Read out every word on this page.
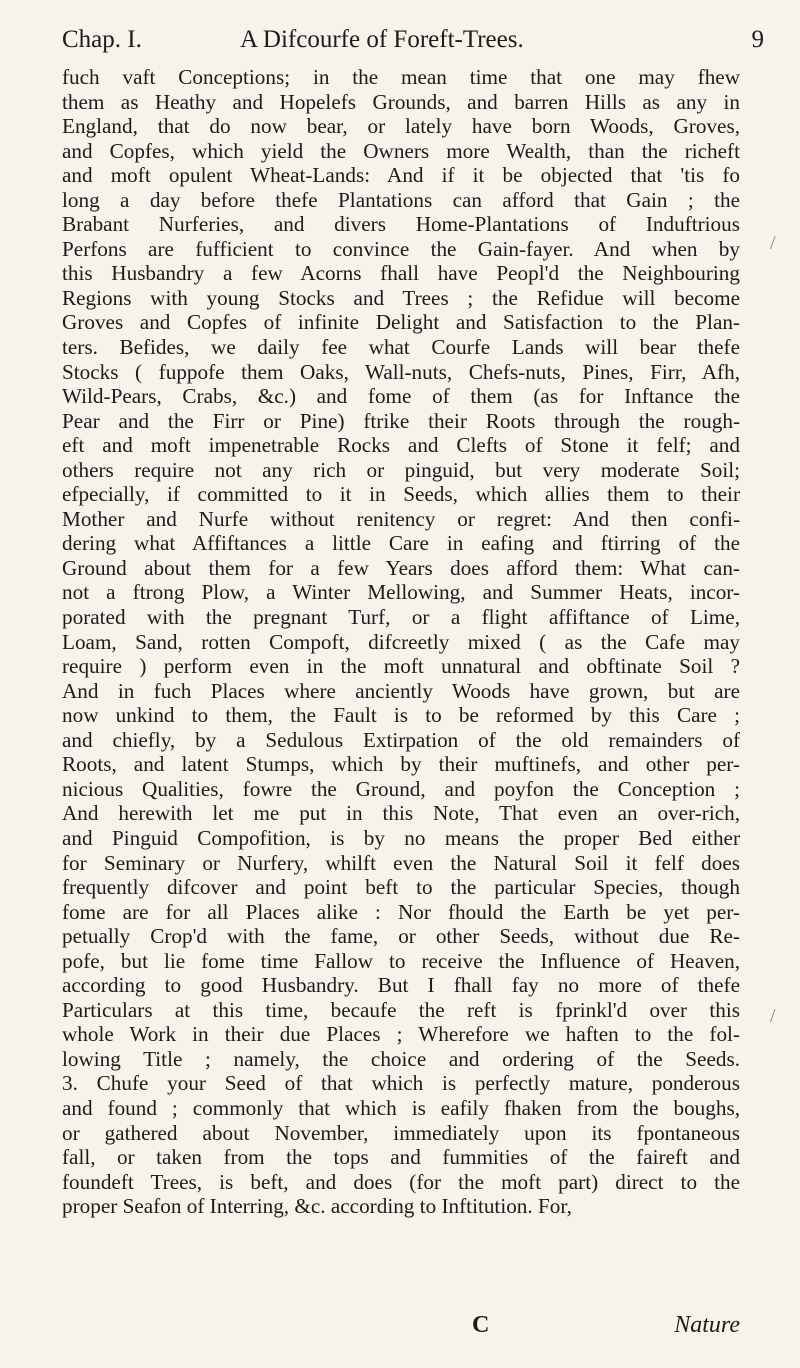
Chap. I.	A Difcourfe of Foreft-Trees.	9
fuch vaft Conceptions; in the mean time that one may fhew
them as Heathy and Hopelefs Grounds, and barren Hills as any in
England, that do now bear, or lately have born Woods, Groves,
and Copfes, which yield the Owners more Wealth, than the richeft
and moft opulent Wheat-Lands: And if it be objected that 'tis fo
long a day before thefe Plantations can afford that Gain ; the
Brabant Nurferies, and divers Home-Plantations of Induftrious
Perfons are fufficient to convince the Gain-fayer. And when by
this Husbandry a few Acorns fhall have Peopl'd the Neighbouring
Regions with young Stocks and Trees ; the Refidue will become
Groves and Copfes of infinite Delight and Satisfaction to the Plan-
ters. Befides, we daily fee what Courfe Lands will bear thefe
Stocks ( fuppofe them Oaks, Wall-nuts, Chefs-nuts, Pines, Firr, Afh,
Wild-Pears, Crabs, &c.) and fome of them (as for Inftance the
Pear and the Firr or Pine) ftrike their Roots through the rough-
eft and moft impenetrable Rocks and Clefts of Stone it felf; and
others require not any rich or pinguid, but very moderate Soil;
efpecially, if committed to it in Seeds, which allies them to their
Mother and Nurfe without renitency or regret: And then confi-
dering what Affiftances a little Care in eafing and ftirring of the
Ground about them for a few Years does afford them: What can-
not a ftrong Plow, a Winter Mellowing, and Summer Heats, incor-
porated with the pregnant Turf, or a flight affiftance of Lime,
Loam, Sand, rotten Compoft, difcreetly mixed ( as the Cafe may
require ) perform even in the moft unnatural and obftinate Soil ?
And in fuch Places where anciently Woods have grown, but are
now unkind to them, the Fault is to be reformed by this Care ;
and chiefly, by a Sedulous Extirpation of the old remainders of
Roots, and latent Stumps, which by their muftinefs, and other per-
nicious Qualities, fowre the Ground, and poyfon the Conception ;
And herewith let me put in this Note, That even an over-rich,
and Pinguid Compofition, is by no means the proper Bed either
for Seminary or Nurfery, whilft even the Natural Soil it felf does
frequently difcover and point beft to the particular Species, though
fome are for all Places alike : Nor fhould the Earth be yet per-
petually Crop'd with the fame, or other Seeds, without due Re-
pofe, but lie fome time Fallow to receive the Influence of Heaven,
according to good Husbandry. But I fhall fay no more of thefe
Particulars at this time, becaufe the reft is fprinkl'd over this
whole Work in their due Places ; Wherefore we haften to the fol-
lowing Title ; namely, the choice and ordering of the Seeds.
3. Chufe your Seed of that which is perfectly mature, ponderous
and found ; commonly that which is eafily fhaken from the boughs,
or gathered about November, immediately upon its fpontaneous
fall, or taken from the tops and fummities of the faireft and
foundeft Trees, is beft, and does (for the moft part) direct to the
proper Seafon of Interring, &c. according to Inftitution. For,
/
/
C	Nature
